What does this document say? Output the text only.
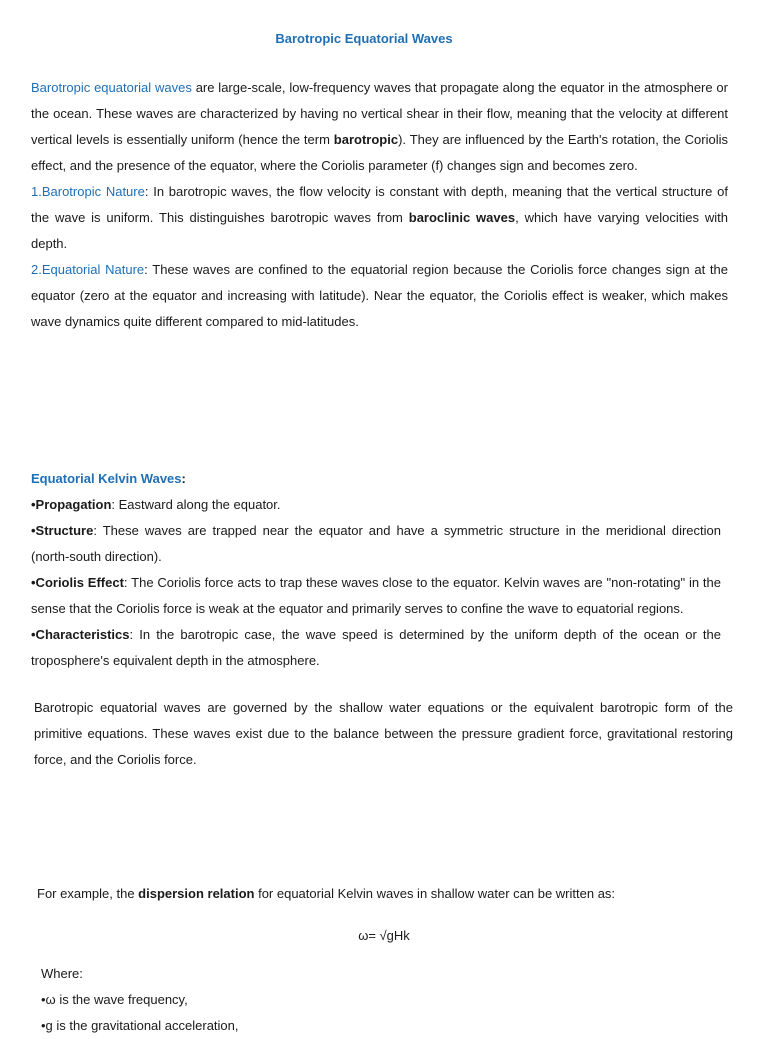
Barotropic Equatorial Waves

Barotropic equatorial waves are large-scale, low-frequency waves that propagate along the equator in the atmosphere or the ocean. These waves are characterized by having no vertical shear in their flow, meaning that the velocity at different vertical levels is essentially uniform (hence the term barotropic). They are influenced by the Earth's rotation, the Coriolis effect, and the presence of the equator, where the Coriolis parameter (f) changes sign and becomes zero.

1.Barotropic Nature: In barotropic waves, the flow velocity is constant with depth, meaning that the vertical structure of the wave is uniform. This distinguishes barotropic waves from baroclinic waves, which have varying velocities with depth.

2.Equatorial Nature: These waves are confined to the equatorial region because the Coriolis force changes sign at the equator (zero at the equator and increasing with latitude). Near the equator, the Coriolis effect is weaker, which makes wave dynamics quite different compared to mid-latitudes.

Equatorial Kelvin Waves:

•Propagation: Eastward along the equator.

•Structure: These waves are trapped near the equator and have a symmetric structure in the meridional direction (north-south direction).

•Coriolis Effect: The Coriolis force acts to trap these waves close to the equator. Kelvin waves are "non-rotating" in the sense that the Coriolis force is weak at the equator and primarily serves to confine the wave to equatorial regions.

•Characteristics: In the barotropic case, the wave speed is determined by the uniform depth of the ocean or the troposphere's equivalent depth in the atmosphere.

Barotropic equatorial waves are governed by the shallow water equations or the equivalent barotropic form of the primitive equations. These waves exist due to the balance between the pressure gradient force, gravitational restoring force, and the Coriolis force.

For example, the dispersion relation for equatorial Kelvin waves in shallow water can be written as:

ω= √gHk

Where:

•ω is the wave frequency,

•g is the gravitational acceleration,
